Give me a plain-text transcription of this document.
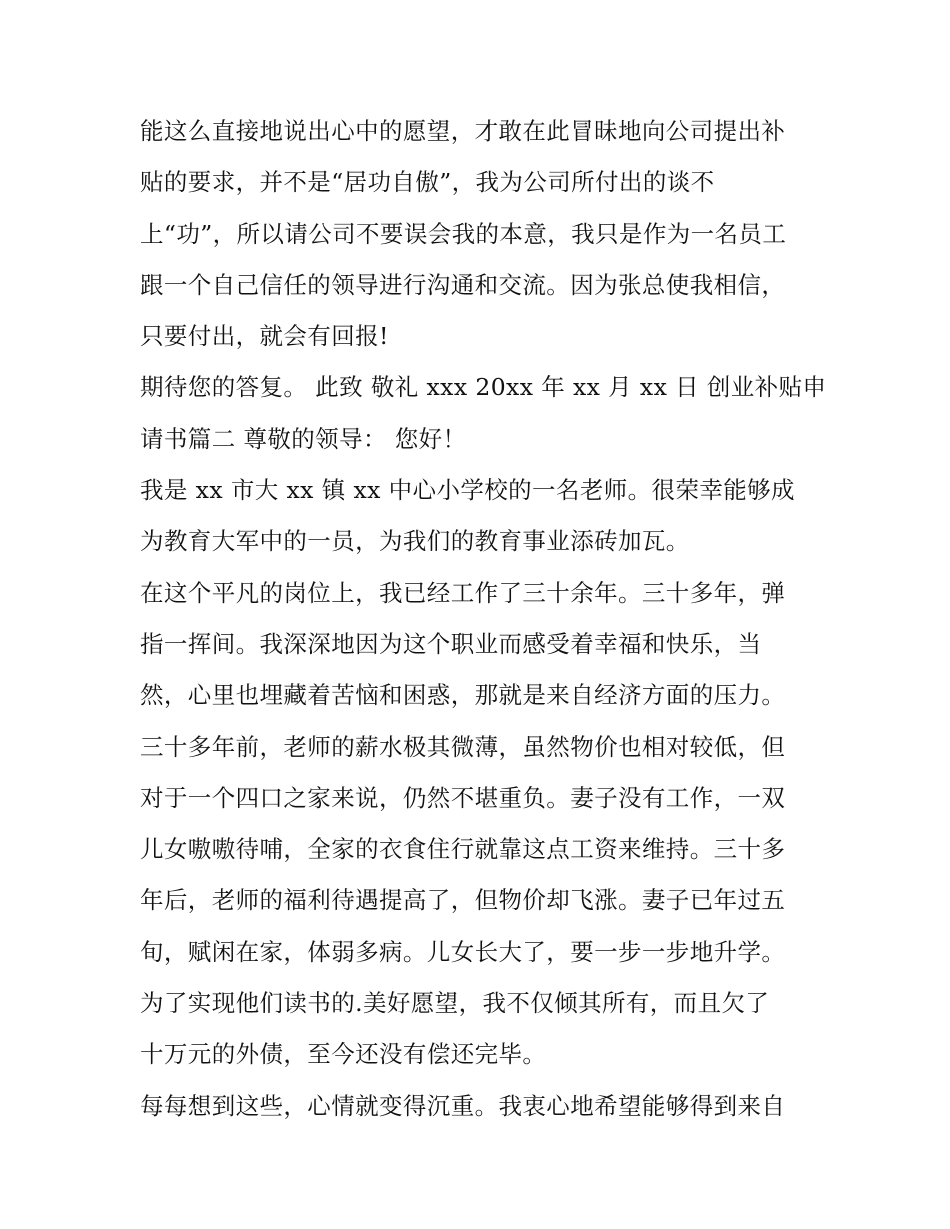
能这么直接地说出心中的愿望，才敢在此冒昧地向公司提出补
贴的要求，并不是“居功自傲”，我为公司所付出的谈不
上“功”，所以请公司不要误会我的本意，我只是作为一名员工
跟一个自己信任的领导进行沟通和交流。因为张总使我相信，
只要付出，就会有回报!
期待您的答复。 此致 敬礼 xxx 20xx 年 xx 月 xx 日 创业补贴申
请书篇二 尊敬的领导： 您好！
我是 xx 市大 xx 镇 xx 中心小学校的一名老师。很荣幸能够成
为教育大军中的一员，为我们的教育事业添砖加瓦。
在这个平凡的岗位上，我已经工作了三十余年。三十多年，弹
指一挥间。我深深地因为这个职业而感受着幸福和快乐，当
然，心里也埋藏着苦恼和困惑，那就是来自经济方面的压力。
三十多年前，老师的薪水极其微薄，虽然物价也相对较低，但
对于一个四口之家来说，仍然不堪重负。妻子没有工作，一双
儿女嗷嗷待哺，全家的衣食住行就靠这点工资来维持。三十多
年后，老师的福利待遇提高了，但物价却飞涨。妻子已年过五
旬，赋闲在家，体弱多病。儿女长大了，要一步一步地升学。
为了实现他们读书的.美好愿望，我不仅倾其所有，而且欠了
十万元的外债，至今还没有偿还完毕。
每每想到这些，心情就变得沉重。我衷心地希望能够得到来自
